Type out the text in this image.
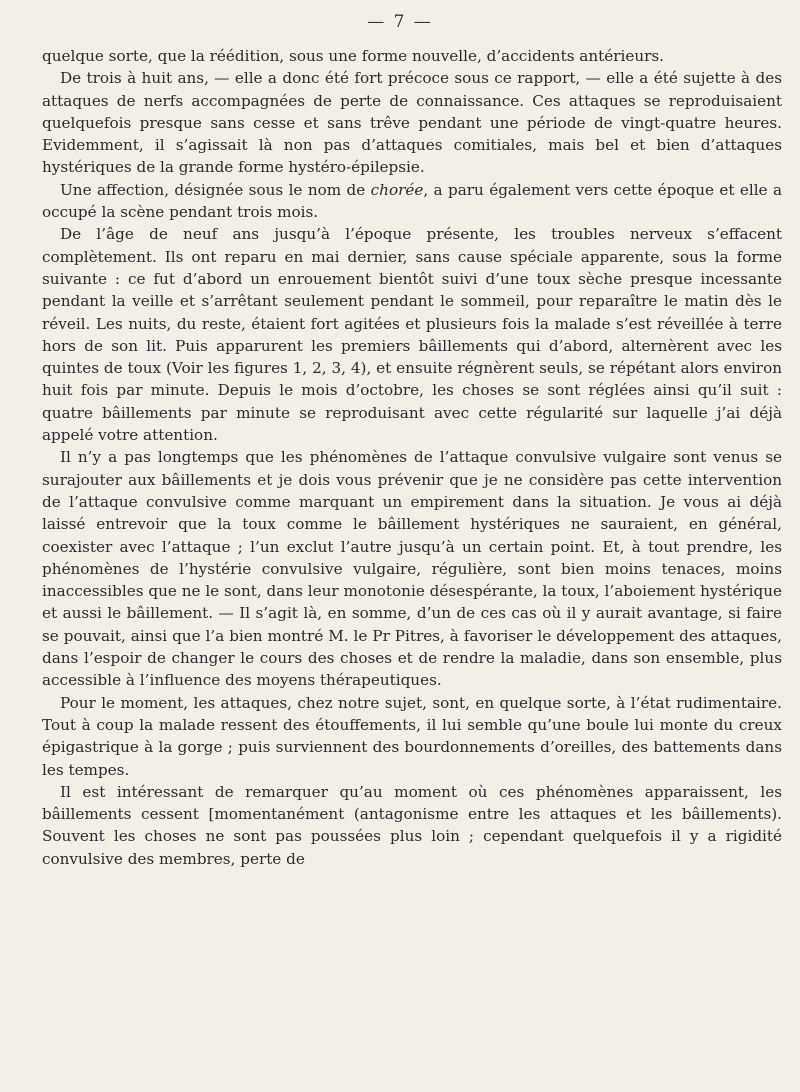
— 7 —

quelque sorte, que la réédition, sous une forme nouvelle, d’accidents antérieurs.

De trois à huit ans, — elle a donc été fort précoce sous ce rapport, — elle a été sujette à des attaques de nerfs accompagnées de perte de connaissance. Ces attaques se reproduisaient quelquefois presque sans cesse et sans trêve pendant une période de vingt-quatre heures. Evidemment, il s’agissait là non pas d’attaques comitiales, mais bel et bien d’attaques hystériques de la grande forme hystéro-épilepsie.

Une affection, désignée sous le nom de chorée, a paru également vers cette époque et elle a occupé la scène pendant trois mois.

De l’âge de neuf ans jusqu’à l’époque présente, les troubles nerveux s’effacent complètement. Ils ont reparu en mai dernier, sans cause spéciale apparente, sous la forme suivante : ce fut d’abord un enrouement bientôt suivi d’une toux sèche presque incessante pendant la veille et s’arrêtant seulement pendant le sommeil, pour reparaître le matin dès le réveil. Les nuits, du reste, étaient fort agitées et plusieurs fois la malade s’est réveillée à terre hors de son lit. Puis apparurent les premiers bâillements qui d’abord, alternèrent avec les quintes de toux (Voir les figures 1, 2, 3, 4), et ensuite régnèrent seuls, se répétant alors environ huit fois par minute. Depuis le mois d’octobre, les choses se sont réglées ainsi qu’il suit : quatre bâillements par minute se reproduisant avec cette régularité sur laquelle j’ai déjà appelé votre attention.

Il n’y a pas longtemps que les phénomènes de l’attaque convulsive vulgaire sont venus se surajouter aux bâillements et je dois vous prévenir que je ne considère pas cette intervention de l’attaque convulsive comme marquant un empirement dans la situation. Je vous ai déjà laissé entrevoir que la toux comme le bâillement hystériques ne sauraient, en général, coexister avec l’attaque ; l’un exclut l’autre jusqu’à un certain point. Et, à tout prendre, les phénomènes de l’hystérie convulsive vulgaire, régulière, sont bien moins tenaces, moins inaccessibles que ne le sont, dans leur monotonie désespérante, la toux, l’aboiement hystérique et aussi le bâillement. — Il s’agit là, en somme, d’un de ces cas où il y aurait avantage, si faire se pouvait, ainsi que l’a bien montré M. le Pr Pitres, à favoriser le développement des attaques, dans l’espoir de changer le cours des choses et de rendre la maladie, dans son ensemble, plus accessible à l’influence des moyens thérapeutiques.

Pour le moment, les attaques, chez notre sujet, sont, en quelque sorte, à l’état rudimentaire. Tout à coup la malade ressent des étouffements, il lui semble qu’une boule lui monte du creux épigastrique à la gorge ; puis surviennent des bourdonnements d’oreilles, des battements dans les tempes.

Il est intéressant de remarquer qu’au moment où ces phénomènes apparaissent, les bâillements cessent [momentanément (antagonisme entre les attaques et les bâillements). Souvent les choses ne sont pas poussées plus loin ; cependant quelquefois il y a rigidité convulsive des membres, perte de
